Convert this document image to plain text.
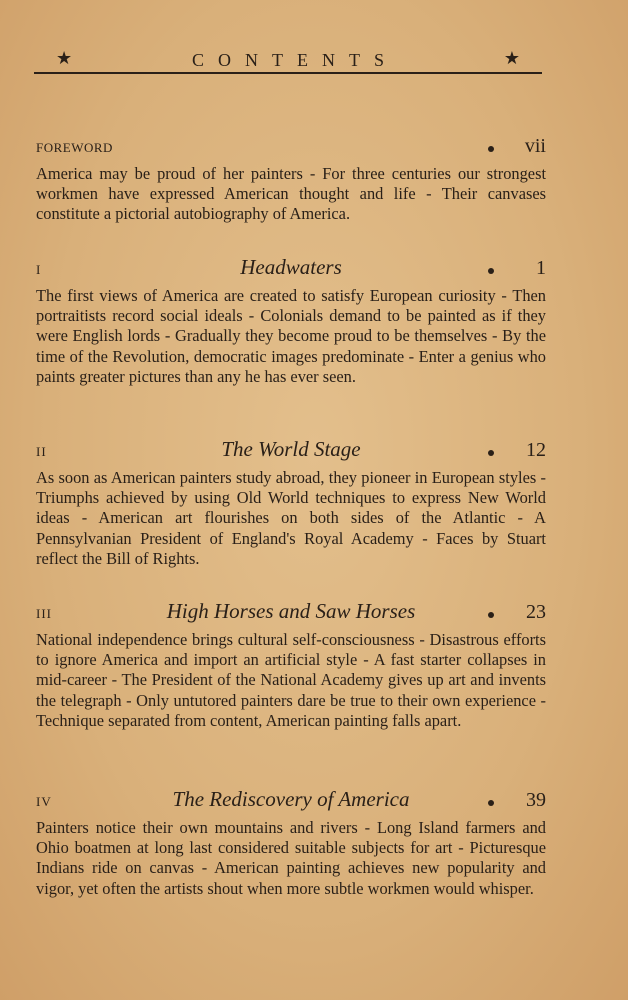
★	CONTENTS	★
FOREWORD	vii
America may be proud of her painters - For three centuries our strongest workmen have expressed American thought and life - Their canvases constitute a pictorial autobiography of America.
I	Headwaters	1
The first views of America are created to satisfy European curiosity - Then portraitists record social ideals - Colonials demand to be painted as if they were English lords - Gradually they become proud to be themselves - By the time of the Revolution, democratic images predominate - Enter a genius who paints greater pictures than any he has ever seen.
II	The World Stage	12
As soon as American painters study abroad, they pioneer in European styles - Triumphs achieved by using Old World techniques to express New World ideas - American art flourishes on both sides of the Atlantic - A Pennsylvanian President of England's Royal Academy - Faces by Stuart reflect the Bill of Rights.
III	High Horses and Saw Horses	23
National independence brings cultural self-consciousness - Disastrous efforts to ignore America and import an artificial style - A fast starter collapses in mid-career - The President of the National Academy gives up art and invents the telegraph - Only untutored painters dare be true to their own experience - Technique separated from content, American painting falls apart.
IV	The Rediscovery of America	39
Painters notice their own mountains and rivers - Long Island farmers and Ohio boatmen at long last considered suitable subjects for art - Picturesque Indians ride on canvas - American painting achieves new popularity and vigor, yet often the artists shout when more subtle workmen would whisper.
